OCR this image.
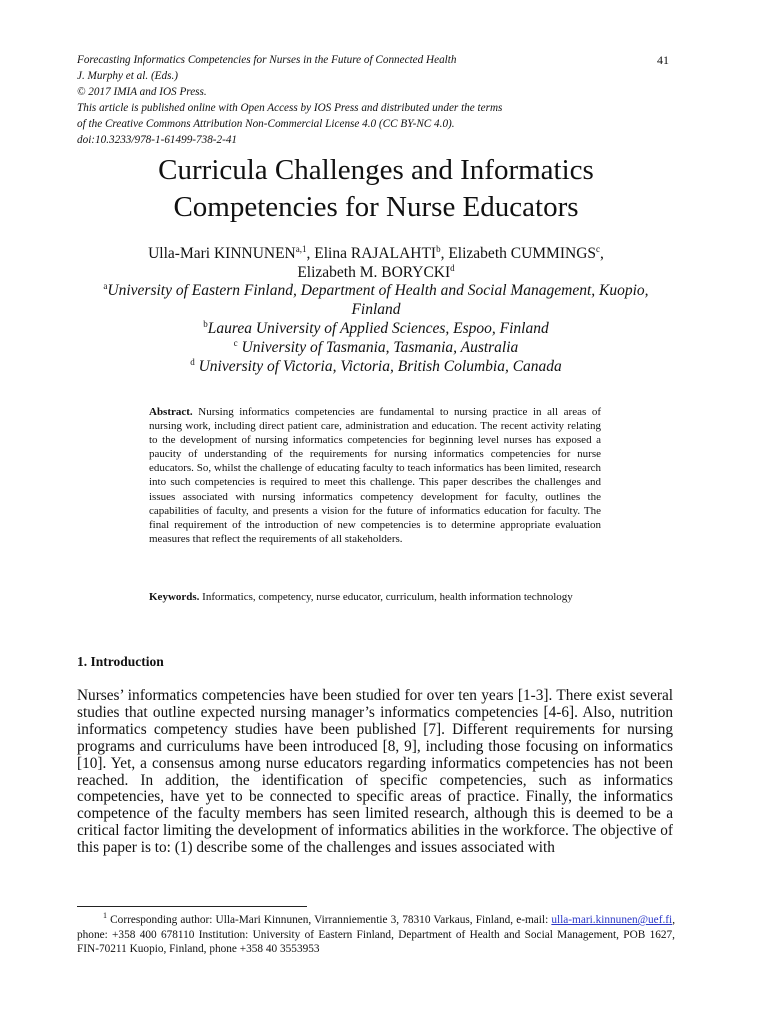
Forecasting Informatics Competencies for Nurses in the Future of Connected Health
J. Murphy et al. (Eds.)
© 2017 IMIA and IOS Press.
This article is published online with Open Access by IOS Press and distributed under the terms
of the Creative Commons Attribution Non-Commercial License 4.0 (CC BY-NC 4.0).
doi:10.3233/978-1-61499-738-2-41
41
Curricula Challenges and Informatics
Competencies for Nurse Educators
Ulla-Mari KINNUNEN$^{a,1}$, Elina RAJALAHTI$^b$, Elizabeth CUMMINGS$^c$,
Elizabeth M. BORYCKI$^d$
$^a$University of Eastern Finland, Department of Health and Social Management, Kuopio, Finland
$^b$Laurea University of Applied Sciences, Espoo, Finland
$^c$ University of Tasmania, Tasmania, Australia
$^d$ University of Victoria, Victoria, British Columbia, Canada
Abstract. Nursing informatics competencies are fundamental to nursing practice in all areas of nursing work, including direct patient care, administration and education. The recent activity relating to the development of nursing informatics competencies for beginning level nurses has exposed a paucity of understanding of the requirements for nursing informatics competencies for nurse educators. So, whilst the challenge of educating faculty to teach informatics has been limited, research into such competencies is required to meet this challenge. This paper describes the challenges and issues associated with nursing informatics competency development for faculty, outlines the capabilities of faculty, and presents a vision for the future of informatics education for faculty. The final requirement of the introduction of new competencies is to determine appropriate evaluation measures that reflect the requirements of all stakeholders.
Keywords. Informatics, competency, nurse educator, curriculum, health information technology
1. Introduction
Nurses’ informatics competencies have been studied for over ten years [1-3]. There exist several studies that outline expected nursing manager’s informatics competencies [4-6]. Also, nutrition informatics competency studies have been published [7]. Different requirements for nursing programs and curriculums have been introduced [8, 9], including those focusing on informatics [10]. Yet, a consensus among nurse educators regarding informatics competencies has not been reached. In addition, the identification of specific competencies, such as informatics competencies, have yet to be connected to specific areas of practice. Finally, the informatics competence of the faculty members has seen limited research, although this is deemed to be a critical factor limiting the development of informatics abilities in the workforce. The objective of this paper is to: (1) describe some of the challenges and issues associated with
$^1$ Corresponding author: Ulla-Mari Kinnunen, Virranniementie 3, 78310 Varkaus, Finland, e-mail: ulla-mari.kinnunen@uef.fi, phone: +358 400 678110 Institution: University of Eastern Finland, Department of Health and Social Management, POB 1627, FIN-70211 Kuopio, Finland, phone +358 40 3553953
